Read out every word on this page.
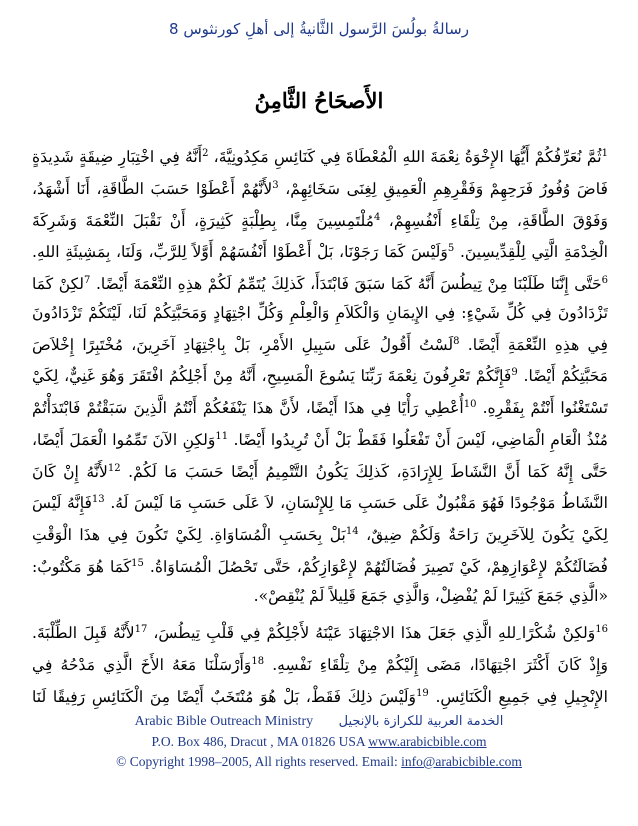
رسالةُ بولُسَ الرَّسول الثَّانيةُ إلى أهلِ كورنثوس 8
الأَصحَاحُ الثَّامِنُ

$^1$ثُمَّ نُعَرِّفُكُمْ أَيُّهَا الإِخْوَةُ نِعْمَةَ اللهِ الْمُعْطَاةَ فِي كَنَائِسِ مَكِدُونِيَّةَ، $^2$أَنَّهُ فِي اخْتِبَارِ ضِيقَةٍ شَدِيدَةٍ فَاضَ وُفُورُ فَرَحِهِمْ وَفَقْرِهِمِ الْعَمِيقِ لِغِنَى سَخَائِهِمْ، $^3$لأَنَّهُمْ أَعْطَوْا حَسَبَ الطَّاقَةِ، أَنَا أَشْهَدُ، وَفَوْقَ الطَّاقَةِ، مِنْ تِلْقَاءِ أَنْفُسِهِمْ، $^4$مُلْتَمِسِينَ مِنَّا، بِطِلْبَةٍ كَثِيرَةٍ، أَنْ نَقْبَلَ النِّعْمَةَ وَشَرِكَةَ الْخِدْمَةِ الَّتِي لِلْقِدِّيسِينَ. $^5$وَلَيْسَ كَمَا رَجَوْنَا، بَلْ أَعْطَوْا أَنْفُسَهُمْ أَوَّلاً لِلرَّبِّ، وَلَنَا، بِمَشِيئَةِ اللهِ. $^6$حَتَّى إِنَّنَا طَلَبْنَا مِنْ تِيطُسَ أَنَّهُ كَمَا سَبَقَ فَابْتَدَأَ، كَذلِكَ يُتَمِّمُ لَكُمْ هذِهِ النِّعْمَةَ أَيْضًا. $^7$لكِنْ كَمَا تَزْدَادُونَ فِي كُلِّ شَيْءٍ: فِي الإِيمَانِ وَالْكَلاَمِ وَالْعِلْمِ وَكُلِّ اجْتِهَادٍ وَمَحَبَّتِكُمْ لَنَا، لَيْتَكُمْ تَزْدَادُونَ فِي هذِهِ النِّعْمَةِ أَيْضًا. $^8$لَسْتُ أَقُولُ عَلَى سَبِيلِ الأَمْرِ، بَلْ بِاجْتِهَادِ آخَرِينَ، مُخْتَبِرًا إِخْلاَصَ مَحَبَّتِكُمْ أَيْضًا. $^9$فَإِنَّكُمْ تَعْرِفُونَ نِعْمَةَ رَبِّنَا يَسُوعَ الْمَسِيحِ، أَنَّهُ مِنْ أَجْلِكُمُ افْتَقَرَ وَهُوَ غَنِيٌّ، لِكَيْ تَسْتَغْنُوا أَنْتُمْ بِفَقْرِهِ. $^{10}$أُعْطِي رَأْيًا فِي هذَا أَيْضًا، لأَنَّ هذَا يَنْفَعُكُمْ أَنْتُمُ الَّذِينَ سَبَقْتُمْ فَابْتَدَأْتُمْ مُنْذُ الْعَامِ الْمَاضِي، لَيْسَ أَنْ تَفْعَلُوا فَقَطْ بَلْ أَنْ تُرِيدُوا أَيْضًا. $^{11}$وَلكِنِ الآنَ تَمِّمُوا الْعَمَلَ أَيْضًا، حَتَّى إِنَّهُ كَمَا أَنَّ النَّشَاطَ لِلإِرَادَةِ، كَذلِكَ يَكُونُ التَّتْمِيمُ أَيْضًا حَسَبَ مَا لَكُمْ. $^{12}$لأَنَّهُ إِنْ كَانَ النَّشَاطُ مَوْجُودًا فَهُوَ مَقْبُولٌ عَلَى حَسَبِ مَا لِلإِنْسَانِ، لاَ عَلَى حَسَبِ مَا لَيْسَ لَهُ. $^{13}$فَإِنَّهُ لَيْسَ لِكَيْ يَكُونَ لِلآخَرِينَ رَاحَةٌ وَلَكُمْ ضِيقٌ، $^{14}$بَلْ بِحَسَبِ الْمُسَاوَاةِ. لِكَيْ تَكُونَ فِي هذَا الْوَقْتِ فُضَالَتُكُمْ لإِعْوَازِهِمْ، كَيْ تَصِيرَ فُضَالَتُهُمْ لإِعْوَازِكُمْ، حَتَّى تَحْصُلَ الْمُسَاوَاةُ. $^{15}$كَمَا هُوَ مَكْتُوبٌ: «الَّذِي جَمَعَ كَثِيرًا لَمْ يُفْضِلْ، وَالَّذِي جَمَعَ قَلِيلاً لَمْ يُنْقِصْ».

$^{16}$وَلكِنْ شُكْرًا ِللهِ الَّذِي جَعَلَ هذَا الاجْتِهَادَ عَيْنَهُ لأَجْلِكُمْ فِي قَلْبِ تِيطُسَ، $^{17}$لأَنَّهُ قَبِلَ الطِّلْبَةَ. وَإِذْ كَانَ أَكْثَرَ اجْتِهَادًا، مَضَى إِلَيْكُمْ مِنْ تِلْقَاءِ نَفْسِهِ. $^{18}$وَأَرْسَلْنَا مَعَهُ الأَخَ الَّذِي مَدْحُهُ فِي الإِنْجِيلِ فِي جَمِيعِ الْكَنَائِسِ. $^{19}$وَلَيْسَ ذلِكَ فَقَطْ، بَلْ هُوَ مُنْتَخَبٌ أَيْضًا مِنَ الْكَنَائِسِ رَفِيقًا لَنَا

Arabic Bible Outreach Ministry الخدمة العربية للكرازة بالإنجيل
P.O. Box 486, Dracut , MA 01826 USA www.arabicbible.com
© Copyright 1998–2005, All rights reserved. Email: info@arabicbible.com
